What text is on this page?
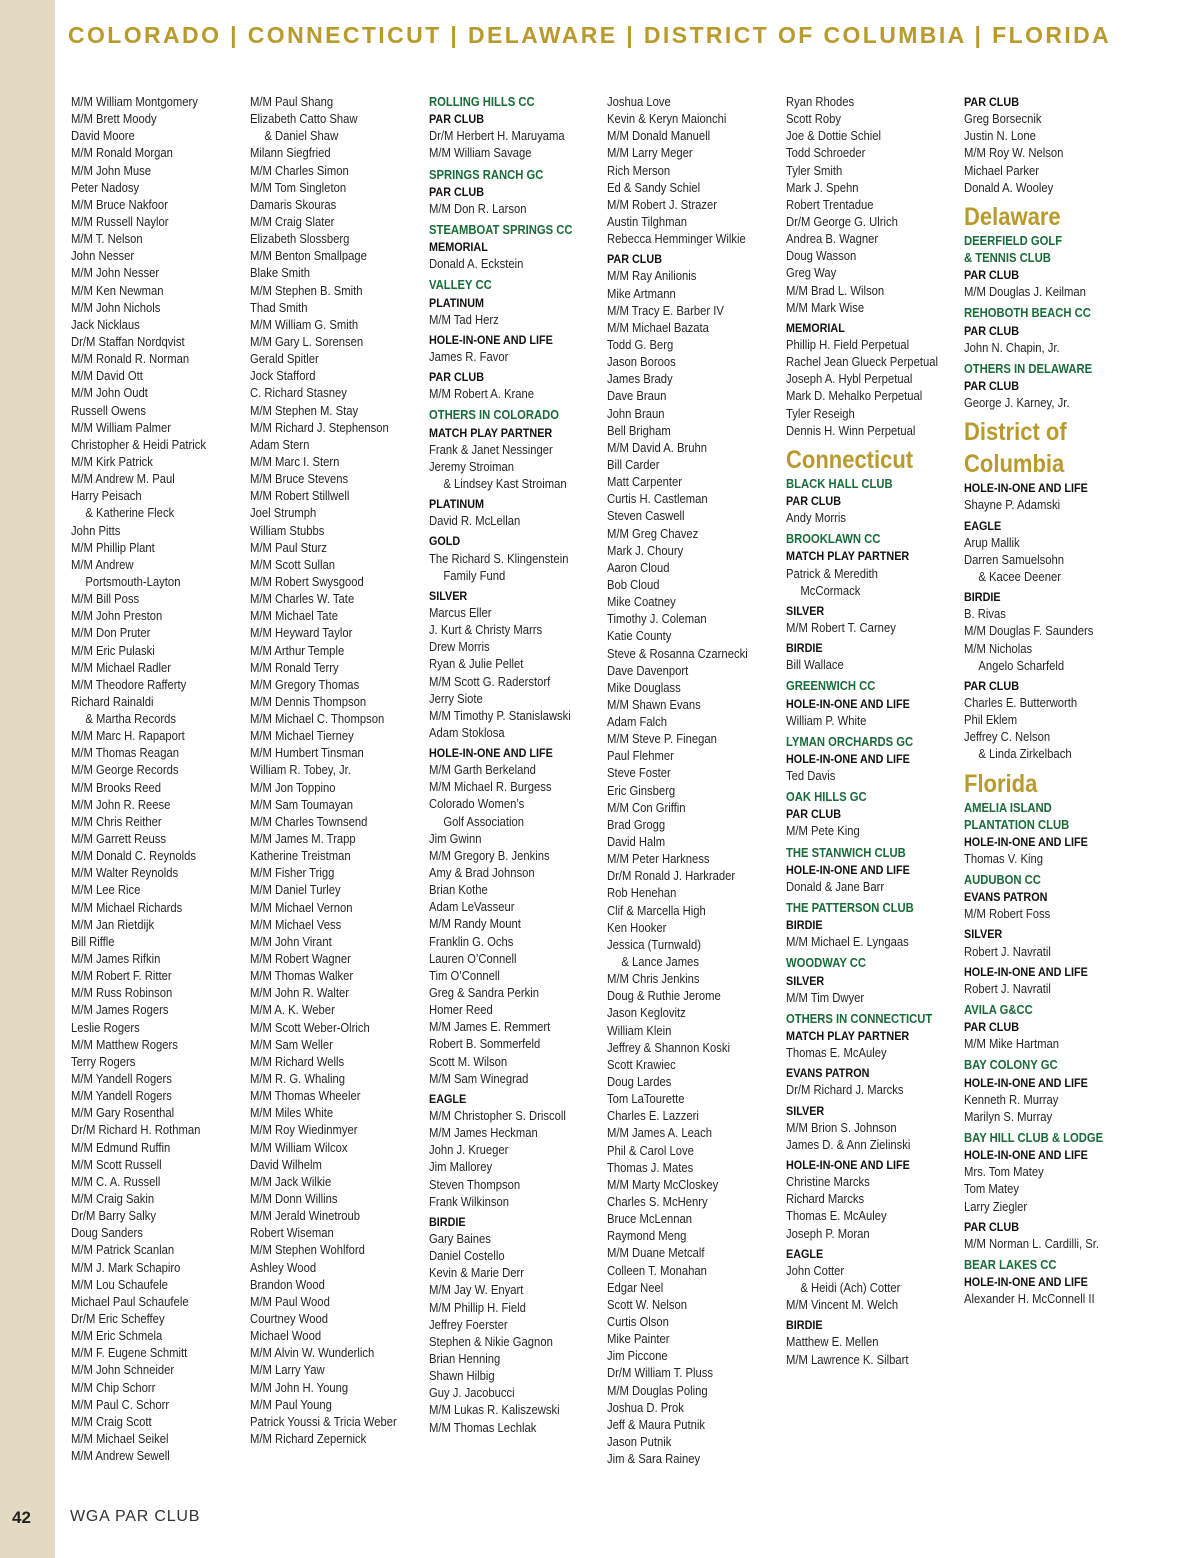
COLORADO | CONNECTICUT | DELAWARE | DISTRICT OF COLUMBIA | FLORIDA
M/M William Montgomery
M/M Brett Moody
David Moore
M/M Ronald Morgan
M/M John Muse
Peter Nadosy
M/M Bruce Nakfoor
M/M Russell Naylor
M/M T. Nelson
John Nesser
M/M John Nesser
M/M Ken Newman
M/M John Nichols
Jack Nicklaus
Dr/M Staffan Nordqvist
M/M Ronald R. Norman
M/M David Ott
M/M John Oudt
Russell Owens
M/M William Palmer
Christopher & Heidi Patrick
M/M Kirk Patrick
M/M Andrew M. Paul
Harry Peisach
& Katherine Fleck
John Pitts
M/M Phillip Plant
M/M Andrew
Portsmouth-Layton
M/M Bill Poss
M/M John Preston
M/M Don Pruter
M/M Eric Pulaski
M/M Michael Radler
M/M Theodore Rafferty
Richard Rainaldi
& Martha Records
M/M Marc H. Rapaport
M/M Thomas Reagan
M/M George Records
M/M Brooks Reed
M/M John R. Reese
M/M Chris Reither
M/M Garrett Reuss
M/M Donald C. Reynolds
M/M Walter Reynolds
M/M Lee Rice
M/M Michael Richards
M/M Jan Rietdijk
Bill Riffle
M/M James Rifkin
M/M Robert F. Ritter
M/M Russ Robinson
M/M James Rogers
Leslie Rogers
M/M Matthew Rogers
Terry Rogers
M/M Yandell Rogers
M/M Yandell Rogers
M/M Gary Rosenthal
Dr/M Richard H. Rothman
M/M Edmund Ruffin
M/M Scott Russell
M/M C. A. Russell
M/M Craig Sakin
Dr/M Barry Salky
Doug Sanders
M/M Patrick Scanlan
M/M J. Mark Schapiro
M/M Lou Schaufele
Michael Paul Schaufele
Dr/M Eric Scheffey
M/M Eric Schmela
M/M F. Eugene Schmitt
M/M John Schneider
M/M Chip Schorr
M/M Paul C. Schorr
M/M Craig Scott
M/M Michael Seikel
M/M Andrew Sewell
M/M Paul Shang
Elizabeth Catto Shaw
& Daniel Shaw
Milann Siegfried
M/M Charles Simon
M/M Tom Singleton
Damaris Skouras
M/M Craig Slater
Elizabeth Slossberg
M/M Benton Smallpage
Blake Smith
M/M Stephen B. Smith
Thad Smith
M/M William G. Smith
M/M Gary L. Sorensen
Gerald Spitler
Jock Stafford
C. Richard Stasney
M/M Stephen M. Stay
M/M Richard J. Stephenson
Adam Stern
M/M Marc I. Stern
M/M Bruce Stevens
M/M Robert Stillwell
Joel Strumph
William Stubbs
M/M Paul Sturz
M/M Scott Sullan
M/M Robert Swysgood
M/M Charles W. Tate
M/M Michael Tate
M/M Heyward Taylor
M/M Arthur Temple
M/M Ronald Terry
M/M Gregory Thomas
M/M Dennis Thompson
M/M Michael C. Thompson
M/M Michael Tierney
M/M Humbert Tinsman
William R. Tobey, Jr.
M/M Jon Toppino
M/M Sam Toumayan
M/M Charles Townsend
M/M James M. Trapp
Katherine Treistman
M/M Fisher Trigg
M/M Daniel Turley
M/M Michael Vernon
M/M Michael Vess
M/M John Virant
M/M Robert Wagner
M/M Thomas Walker
M/M John R. Walter
M/M A. K. Weber
M/M Scott Weber-Olrich
M/M Sam Weller
M/M Richard Wells
M/M R. G. Whaling
M/M Thomas Wheeler
M/M Miles White
M/M Roy Wiedinmyer
M/M William Wilcox
David Wilhelm
M/M Jack Wilkie
M/M Donn Willins
M/M Jerald Winetroub
Robert Wiseman
M/M Stephen Wohlford
Ashley Wood
Brandon Wood
M/M Paul Wood
Courtney Wood
Michael Wood
M/M Alvin W. Wunderlich
M/M Larry Yaw
M/M John H. Young
M/M Paul Young
Patrick Youssi & Tricia Weber
M/M Richard Zepernick
ROLLING HILLS CC
PAR CLUB
Dr/M Herbert H. Maruyama
M/M William Savage
SPRINGS RANCH GC
PAR CLUB
M/M Don R. Larson
STEAMBOAT SPRINGS CC
MEMORIAL
Donald A. Eckstein
VALLEY CC
PLATINUM
M/M Tad Herz
HOLE-IN-ONE AND LIFE
James R. Favor
PAR CLUB
M/M Robert A. Krane
OTHERS IN COLORADO
MATCH PLAY PARTNER
Frank & Janet Nessinger
Jeremy Stroiman
& Lindsey Kast Stroiman
PLATINUM
David R. McLellan
GOLD
The Richard S. Klingenstein
Family Fund
SILVER
Marcus Eller
J. Kurt & Christy Marrs
Drew Morris
Ryan & Julie Pellet
M/M Scott G. Raderstorf
Jerry Siote
M/M Timothy P. Stanislawski
Adam Stoklosa
HOLE-IN-ONE AND LIFE
M/M Garth Berkeland
M/M Michael R. Burgess
Colorado Women’s
Golf Association
Jim Gwinn
M/M Gregory B. Jenkins
Amy & Brad Johnson
Brian Kothe
Adam LeVasseur
M/M Randy Mount
Franklin G. Ochs
Lauren O’Connell
Tim O’Connell
Greg & Sandra Perkin
Homer Reed
M/M James E. Remmert
Robert B. Sommerfeld
Scott M. Wilson
M/M Sam Winegrad
EAGLE
M/M Christopher S. Driscoll
M/M James Heckman
John J. Krueger
Jim Mallorey
Steven Thompson
Frank Wilkinson
BIRDIE
Gary Baines
Daniel Costello
Kevin & Marie Derr
M/M Jay W. Enyart
M/M Phillip H. Field
Jeffrey Foerster
Stephen & Nikie Gagnon
Brian Henning
Shawn Hilbig
Guy J. Jacobucci
M/M Lukas R. Kaliszewski
M/M Thomas Lechlak
Joshua Love
Kevin & Keryn Maionchi
M/M Donald Manuell
M/M Larry Meger
Rich Merson
Ed & Sandy Schiel
M/M Robert J. Strazer
Austin Tilghman
Rebecca Hemminger Wilkie
PAR CLUB
M/M Ray Anilionis
Mike Artmann
M/M Tracy E. Barber IV
M/M Michael Bazata
Todd G. Berg
Jason Boroos
James Brady
Dave Braun
John Braun
Bell Brigham
M/M David A. Bruhn
Bill Carder
Matt Carpenter
Curtis H. Castleman
Steven Caswell
M/M Greg Chavez
Mark J. Choury
Aaron Cloud
Bob Cloud
Mike Coatney
Timothy J. Coleman
Katie County
Steve & Rosanna Czarnecki
Dave Davenport
Mike Douglass
M/M Shawn Evans
Adam Falch
M/M Steve P. Finegan
Paul Flehmer
Steve Foster
Eric Ginsberg
M/M Con Griffin
Brad Grogg
David Halm
M/M Peter Harkness
Dr/M Ronald J. Harkrader
Rob Henehan
Clif & Marcella High
Ken Hooker
Jessica (Turnwald)
& Lance James
M/M Chris Jenkins
Doug & Ruthie Jerome
Jason Keglovitz
William Klein
Jeffrey & Shannon Koski
Scott Krawiec
Doug Lardes
Tom LaTourette
Charles E. Lazzeri
M/M James A. Leach
Phil & Carol Love
Thomas J. Mates
M/M Marty McCloskey
Charles S. McHenry
Bruce McLennan
Raymond Meng
M/M Duane Metcalf
Colleen T. Monahan
Edgar Neel
Scott W. Nelson
Curtis Olson
Mike Painter
Jim Piccone
Dr/M William T. Pluss
M/M Douglas Poling
Joshua D. Prok
Jeff & Maura Putnik
Jason Putnik
Jim & Sara Rainey
Ryan Rhodes
Scott Roby
Joe & Dottie Schiel
Todd Schroeder
Tyler Smith
Mark J. Spehn
Robert Trentadue
Dr/M George G. Ulrich
Andrea B. Wagner
Doug Wasson
Greg Way
M/M Brad L. Wilson
M/M Mark Wise
MEMORIAL
Phillip H. Field Perpetual
Rachel Jean Glueck Perpetual
Joseph A. Hybl Perpetual
Mark D. Mehalko Perpetual
Tyler Reseigh
Dennis H. Winn Perpetual
Connecticut
BLACK HALL CLUB
PAR CLUB
Andy Morris
BROOKLAWN CC
MATCH PLAY PARTNER
Patrick & Meredith
McCormack
SILVER
M/M Robert T. Carney
BIRDIE
Bill Wallace
GREENWICH CC
HOLE-IN-ONE AND LIFE
William P. White
LYMAN ORCHARDS GC
HOLE-IN-ONE AND LIFE
Ted Davis
OAK HILLS GC
PAR CLUB
M/M Pete King
THE STANWICH CLUB
HOLE-IN-ONE AND LIFE
Donald & Jane Barr
THE PATTERSON CLUB
BIRDIE
M/M Michael E. Lyngaas
WOODWAY CC
SILVER
M/M Tim Dwyer
OTHERS IN CONNECTICUT
MATCH PLAY PARTNER
Thomas E. McAuley
EVANS PATRON
Dr/M Richard J. Marcks
SILVER
M/M Brion S. Johnson
James D. & Ann Zielinski
HOLE-IN-ONE AND LIFE
Christine Marcks
Richard Marcks
Thomas E. McAuley
Joseph P. Moran
EAGLE
John Cotter
& Heidi (Ach) Cotter
M/M Vincent M. Welch
BIRDIE
Matthew E. Mellen
M/M Lawrence K. Silbart
PAR CLUB
Greg Borsecnik
Justin N. Lone
M/M Roy W. Nelson
Michael Parker
Donald A. Wooley
Delaware
DEERFIELD GOLF
& TENNIS CLUB
PAR CLUB
M/M Douglas J. Keilman
REHOBOTH BEACH CC
PAR CLUB
John N. Chapin, Jr.
OTHERS IN DELAWARE
PAR CLUB
George J. Karney, Jr.
District of
Columbia
HOLE-IN-ONE AND LIFE
Shayne P. Adamski
EAGLE
Arup Mallik
Darren Samuelsohn
& Kacee Deener
BIRDIE
B. Rivas
M/M Douglas F. Saunders
M/M Nicholas
Angelo Scharfeld
PAR CLUB
Charles E. Butterworth
Phil Eklem
Jeffrey C. Nelson
& Linda Zirkelbach
Florida
AMELIA ISLAND
PLANTATION CLUB
HOLE-IN-ONE AND LIFE
Thomas V. King
AUDUBON CC
EVANS PATRON
M/M Robert Foss
SILVER
Robert J. Navratil
HOLE-IN-ONE AND LIFE
Robert J. Navratil
AVILA G&CC
PAR CLUB
M/M Mike Hartman
BAY COLONY GC
HOLE-IN-ONE AND LIFE
Kenneth R. Murray
Marilyn S. Murray
BAY HILL CLUB & LODGE
HOLE-IN-ONE AND LIFE
Mrs. Tom Matey
Tom Matey
Larry Ziegler
PAR CLUB
M/M Norman L. Cardilli, Sr.
BEAR LAKES CC
HOLE-IN-ONE AND LIFE
Alexander H. McConnell II
42 WGA PAR CLUB
